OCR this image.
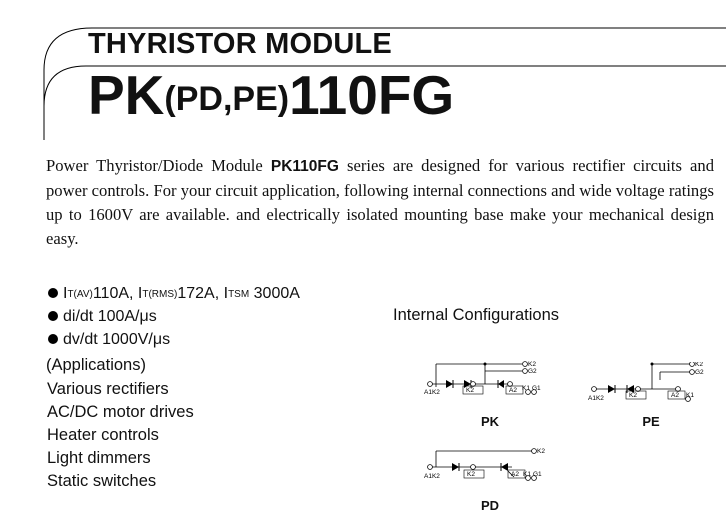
THYRISTOR MODULE
PK(PD,PE)110FG
Power Thyristor/Diode Module PK110FG series are designed for various rectifier circuits and power controls. For your circuit application, following internal connections and wide voltage ratings up to 1600V are available. and electrically isolated mounting base make your mechanical design easy.
$I_{T(AV)}110A$, $I_{T(RMS)}172A$, $I_{TSM}$ 3000A
di/dt 100A/μs
dv/dt 1000V/μs
(Applications)
Various rectifiers
AC/DC motor drives
Heater controls
Light dimmers
Static switches
Internal Configurations
A1K2	K2	A2 K1 G1
K2
G2
PK
A1K2	K2	A2 K1
K2
G2
PE
A1K2	K2	A2 K1 G1
K2
PD
